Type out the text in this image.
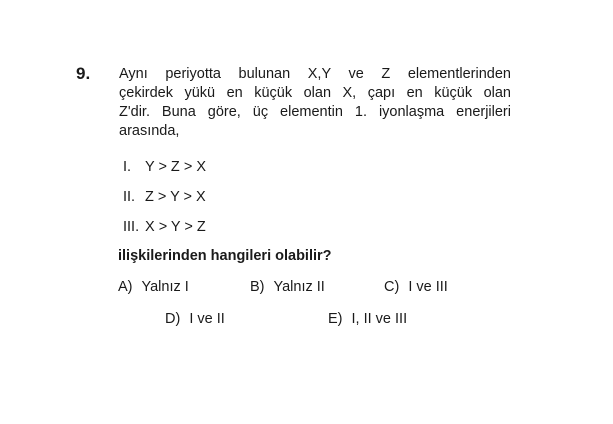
9. Aynı periyotta bulunan X,Y ve Z elementlerinden
çekirdek yükü en küçük olan X, çapı en küçük olan
Z'dir. Buna göre, üç elementin 1. iyonlaşma enerjileri
arasında,
I. Y > Z > X
II. Z > Y > X
III. X > Y > Z
ilişkilerinden hangileri olabilir?
A) Yalnız I	B) Yalnız II	C) I ve III
D) I ve II	E) I, II ve III
